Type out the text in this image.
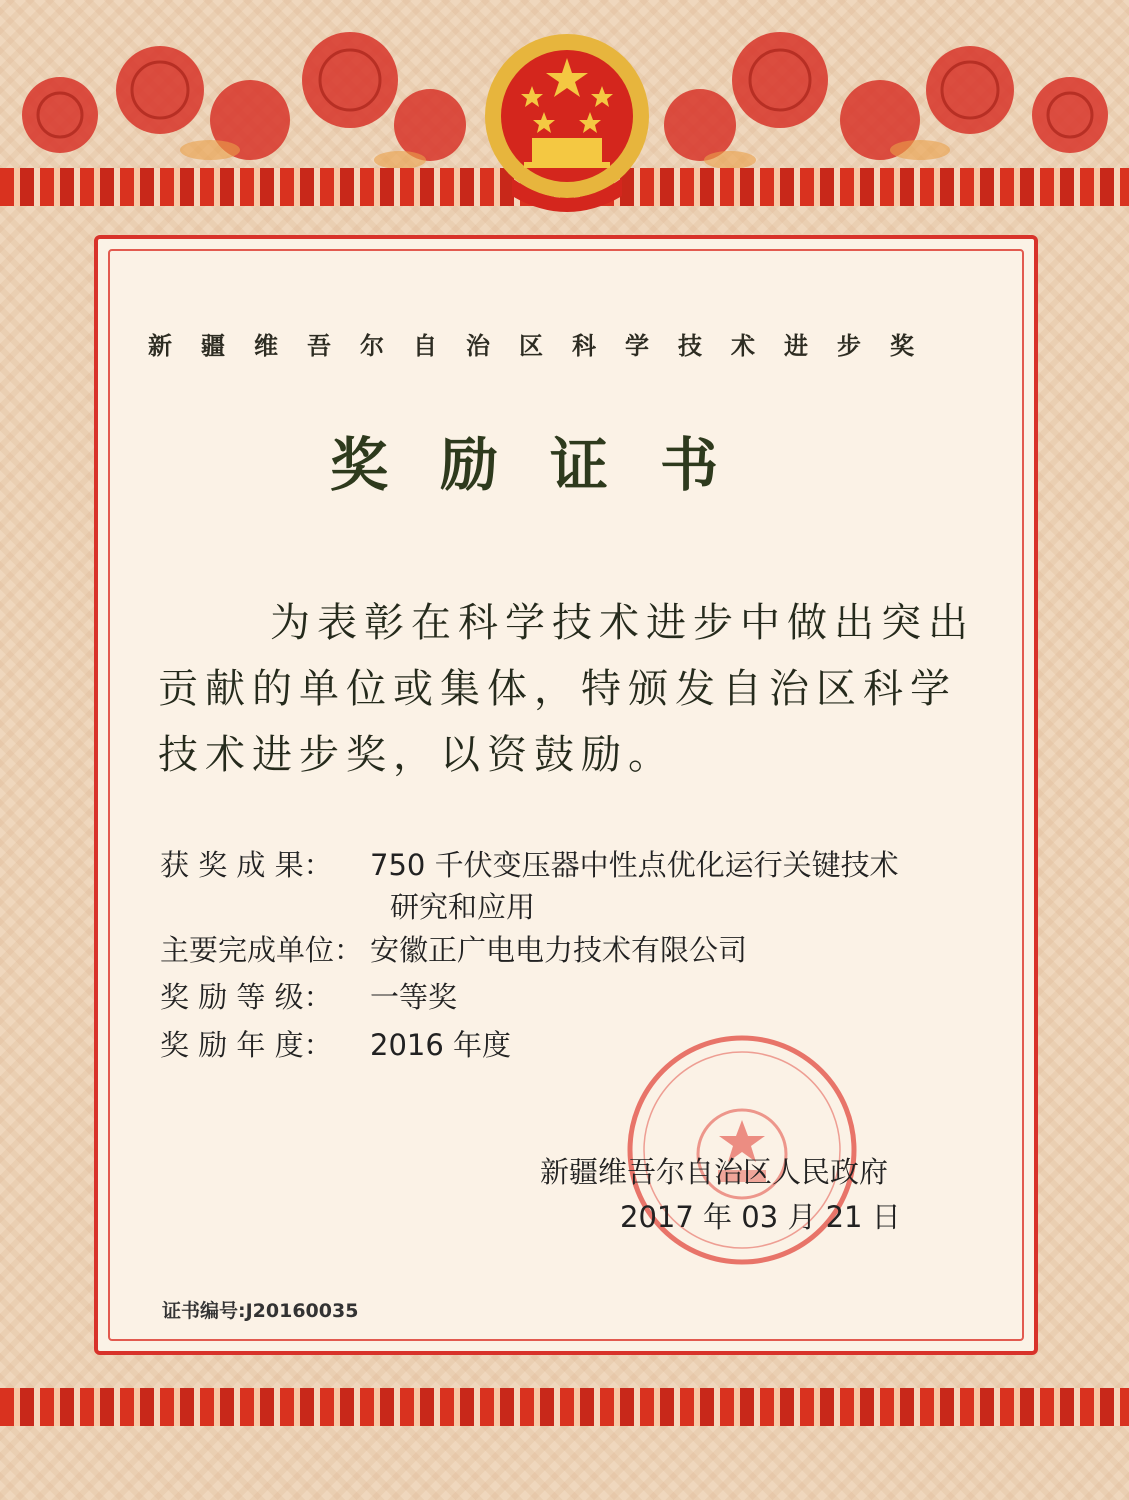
新疆维吾尔自治区科学技术进步奖
奖励证书
为表彰在科学技术进步中做出突出贡献的单位或集体，特颁发自治区科学技术进步奖，以资鼓励。
获 奖 成 果： 750 千伏变压器中性点优化运行关键技术
研究和应用
主要完成单位： 安徽正广电电力技术有限公司
奖 励 等 级： 一等奖
奖 励 年 度： 2016 年度
新疆维吾尔自治区人民政府
2017 年 03 月 21 日
证书编号:J20160035
